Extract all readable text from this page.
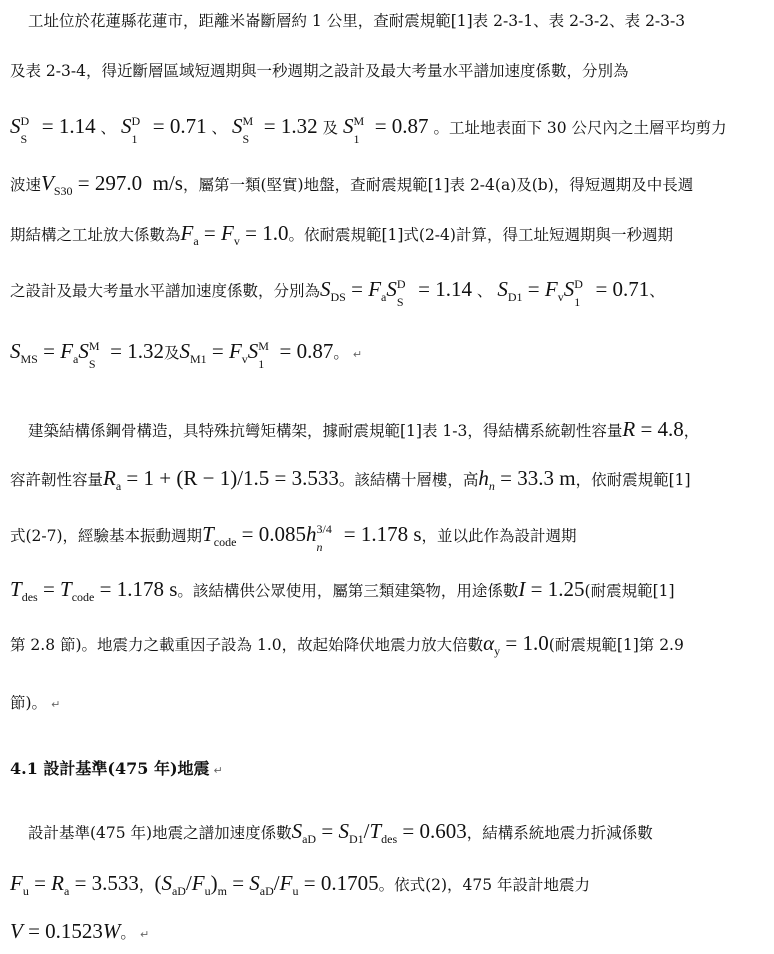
工址位於花蓮縣花蓮市，距離米崙斷層約 1 公里，查耐震規範[1]表 2-3-1、表 2-3-2、表 2-3-3
及表 2-3-4，得近斷層區域短週期與一秒週期之設計及最大考量水平譜加速度係數，分別為
S D
S
= 1.14 、 S D
1
= 0.71 、 S M
S
= 1.32 及 S M
1
= 0.87 。工址地表面下 30 公尺內之土層平均剪力
波速$V_{S30} = 297.0$ m/s，屬第一類(堅實)地盤，查耐震規範[1]表 2-4(a)及(b)，得短週期及中長週
期結構之工址放大係數為$F_a = F_v = 1.0$。依耐震規範[1]式(2-4)計算，得工址短週期與一秒週期
之設計及最大考量水平譜加速度係數，分別為$S_{DS} = F_aS$ D
S
= 1.14 、 $S_{D1} = F_vS$ D
1
= 0.71、
$S_{MS} = F_aS$ M
S
= 1.32及$S_{M1} = F_vS$ M
1
= 0.87。 ↵
建築結構係鋼骨構造，具特殊抗彎矩構架，據耐震規範[1]表 1-3，得結構系統韌性容量R = 4.8，
容許韌性容量$R_a = 1 + (R - 1)/1.5 = 3.533$。該結構十層樓，高$h_n = 33.3$ m，依耐震規範[1]
式(2-7)，經驗基本振動週期$T_{code} = 0.085h$ 3/4
n
= 1.178 s，並以此作為設計週期
$T_{des} = T_{code} = 1.178$ s。該結構供公眾使用，屬第三類建築物，用途係數I = 1.25(耐震規範[1]
第 2.8 節)。地震力之載重因子設為 1.0，故起始降伏地震力放大倍數$\alpha_y = 1.0$(耐震規範[1]第 2.9
節)。 ↵
4.1 設計基準(475 年)地震 ↵
設計基準(475 年)地震之譜加速度係數$S_{aD} = S_{D1}/T_{des} = 0.603$，結構系統地震力折減係數
$F_u = R_a = 3.533$，$(S_{aD}/F_u)_m = S_{aD}/F_u = 0.1705$。依式(2)，475 年設計地震力
V = 0.1523W。 ↵
